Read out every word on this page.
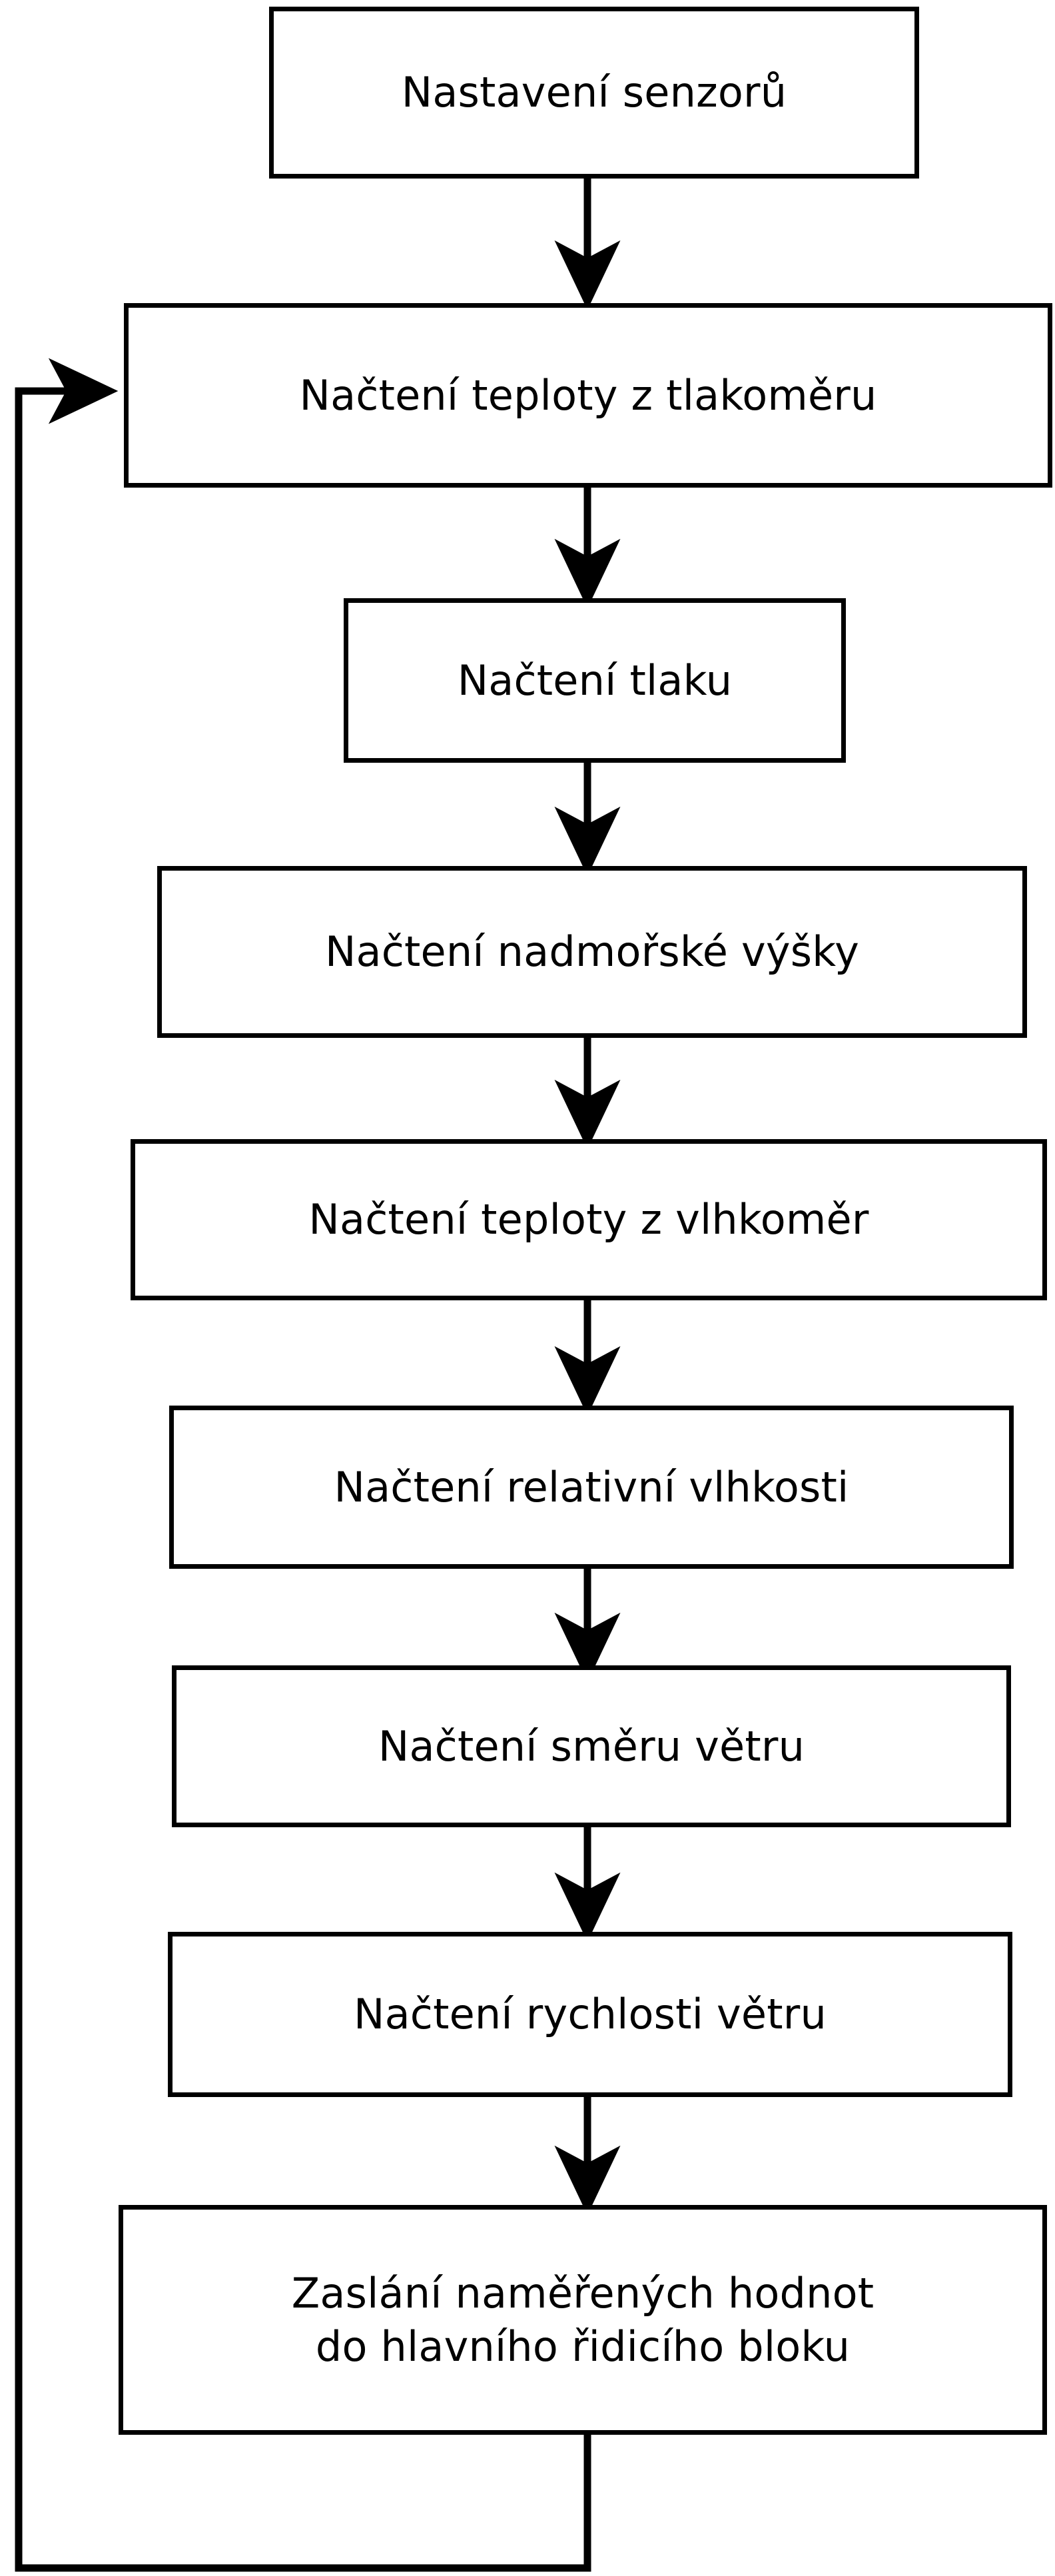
Nastavení senzorů
Načtení teploty z tlakoměru
Načtení tlaku
Načtení nadmořské výšky
Načtení teploty z vlhkoměr
Načtení relativní vlhkosti
Načtení směru větru
Načtení rychlosti větru
Zaslání naměřených hodnot
do hlavního řidicího bloku
